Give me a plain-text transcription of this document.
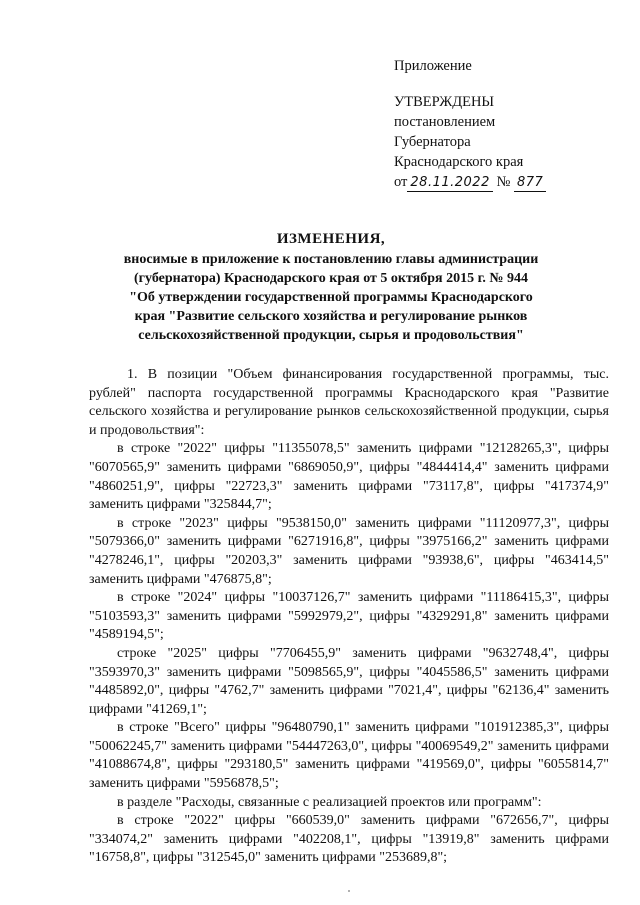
Приложение
УТВЕРЖДЕНЫ
постановлением
Губернатора
Краснодарского края
от 28.11.2022 № 877
ИЗМЕНЕНИЯ,
вносимые в приложение к постановлению главы администрации
(губернатора) Краснодарского края от 5 октября 2015 г. № 944
"Об утверждении государственной программы Краснодарского
края "Развитие сельского хозяйства и регулирование рынков
сельскохозяйственной продукции, сырья и продовольствия"

1. В позиции "Объем финансирования государственной программы, тыс. рублей" паспорта государственной программы Краснодарского края "Развитие сельского хозяйства и регулирование рынков сельскохозяйственной продукции, сырья и продовольствия":

в строке "2022" цифры "11355078,5" заменить цифрами "12128265,3", цифры "6070565,9" заменить цифрами "6869050,9", цифры "4844414,4" заменить цифрами "4860251,9", цифры "22723,3" заменить цифрами "73117,8", цифры "417374,9" заменить цифрами "325844,7";

в строке "2023" цифры "9538150,0" заменить цифрами "11120977,3", цифры "5079366,0" заменить цифрами "6271916,8", цифры "3975166,2" заменить цифрами "4278246,1", цифры "20203,3" заменить цифрами "93938,6", цифры "463414,5" заменить цифрами "476875,8";

в строке "2024" цифры "10037126,7" заменить цифрами "11186415,3", цифры "5103593,3" заменить цифрами "5992979,2", цифры "4329291,8" заменить цифрами "4589194,5";

строке "2025" цифры "7706455,9" заменить цифрами "9632748,4", цифры "3593970,3" заменить цифрами "5098565,9", цифры "4045586,5" заменить цифрами "4485892,0", цифры "4762,7" заменить цифрами "7021,4", цифры "62136,4" заменить цифрами "41269,1";

в строке "Всего" цифры "96480790,1" заменить цифрами "101912385,3", цифры "50062245,7" заменить цифрами "54447263,0", цифры "40069549,2" заменить цифрами "41088674,8", цифры "293180,5" заменить цифрами "419569,0", цифры "6055814,7" заменить цифрами "5956878,5";

в разделе "Расходы, связанные с реализацией проектов или программ":

в строке "2022" цифры "660539,0" заменить цифрами "672656,7", цифры "334074,2" заменить цифрами "402208,1", цифры "13919,8" заменить цифрами "16758,8", цифры "312545,0" заменить цифрами "253689,8";
